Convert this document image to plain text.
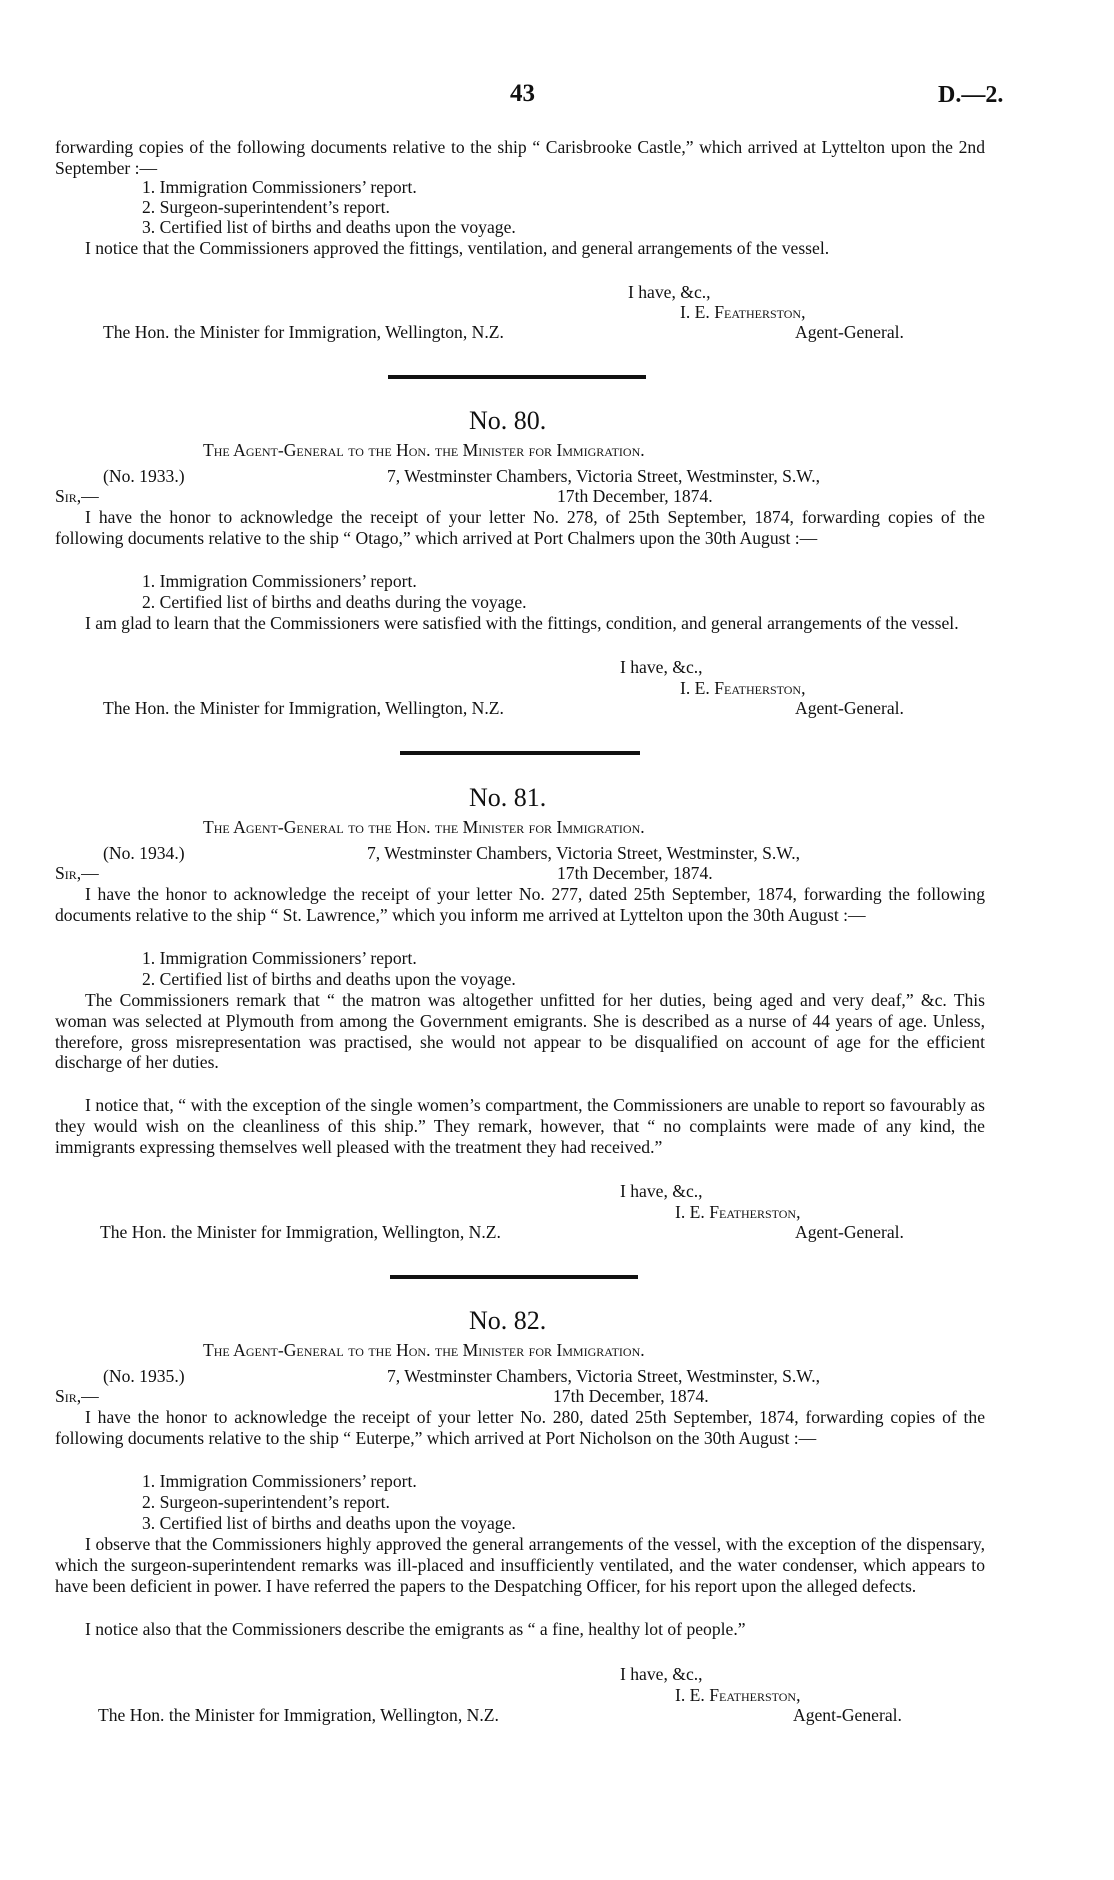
43	D.—2.
forwarding copies of the following documents relative to the ship “ Carisbrooke Castle,” which arrived at Lyttelton upon the 2nd September :—
1. Immigration Commissioners’ report.
2. Surgeon-superintendent’s report.
3. Certified list of births and deaths upon the voyage.
I notice that the Commissioners approved the fittings, ventilation, and general arrangements of the vessel.
I have, &c.,
I. E. Featherston,
The Hon. the Minister for Immigration, Wellington, N.Z.	Agent-General.
No. 80.
The Agent-General to the Hon. the Minister for Immigration.
(No. 1933.)	7, Westminster Chambers, Victoria Street, Westminster, S.W.,
Sir,—	17th December, 1874.
I have the honor to acknowledge the receipt of your letter No. 278, of 25th September, 1874, forwarding copies of the following documents relative to the ship “ Otago,” which arrived at Port Chalmers upon the 30th August :—
1. Immigration Commissioners’ report.
2. Certified list of births and deaths during the voyage.
I am glad to learn that the Commissioners were satisfied with the fittings, condition, and general arrangements of the vessel.
I have, &c.,
I. E. Featherston,
The Hon. the Minister for Immigration, Wellington, N.Z.	Agent-General.
No. 81.
The Agent-General to the Hon. the Minister for Immigration.
(No. 1934.)	7, Westminster Chambers, Victoria Street, Westminster, S.W.,
Sir,—	17th December, 1874.
I have the honor to acknowledge the receipt of your letter No. 277, dated 25th September, 1874, forwarding the following documents relative to the ship “ St. Lawrence,” which you inform me arrived at Lyttelton upon the 30th August :—
1. Immigration Commissioners’ report.
2. Certified list of births and deaths upon the voyage.
The Commissioners remark that “ the matron was altogether unfitted for her duties, being aged and very deaf,” &c. This woman was selected at Plymouth from among the Government emigrants. She is described as a nurse of 44 years of age. Unless, therefore, gross misrepresentation was practised, she would not appear to be disqualified on account of age for the efficient discharge of her duties.
I notice that, “ with the exception of the single women’s compartment, the Commissioners are unable to report so favourably as they would wish on the cleanliness of this ship.” They remark, however, that “ no complaints were made of any kind, the immigrants expressing themselves well pleased with the treatment they had received.”
I have, &c.,
I. E. Featherston,
The Hon. the Minister for Immigration, Wellington, N.Z.	Agent-General.
No. 82.
The Agent-General to the Hon. the Minister for Immigration.
(No. 1935.)	7, Westminster Chambers, Victoria Street, Westminster, S.W.,
Sir,—	17th December, 1874.
I have the honor to acknowledge the receipt of your letter No. 280, dated 25th September, 1874, forwarding copies of the following documents relative to the ship “ Euterpe,” which arrived at Port Nicholson on the 30th August :—
1. Immigration Commissioners’ report.
2. Surgeon-superintendent’s report.
3. Certified list of births and deaths upon the voyage.
I observe that the Commissioners highly approved the general arrangements of the vessel, with the exception of the dispensary, which the surgeon-superintendent remarks was ill-placed and insufficiently ventilated, and the water condenser, which appears to have been deficient in power. I have referred the papers to the Despatching Officer, for his report upon the alleged defects.
I notice also that the Commissioners describe the emigrants as “ a fine, healthy lot of people.”
I have, &c.,
I. E. Featherston,
The Hon. the Minister for Immigration, Wellington, N.Z.	Agent-General.
